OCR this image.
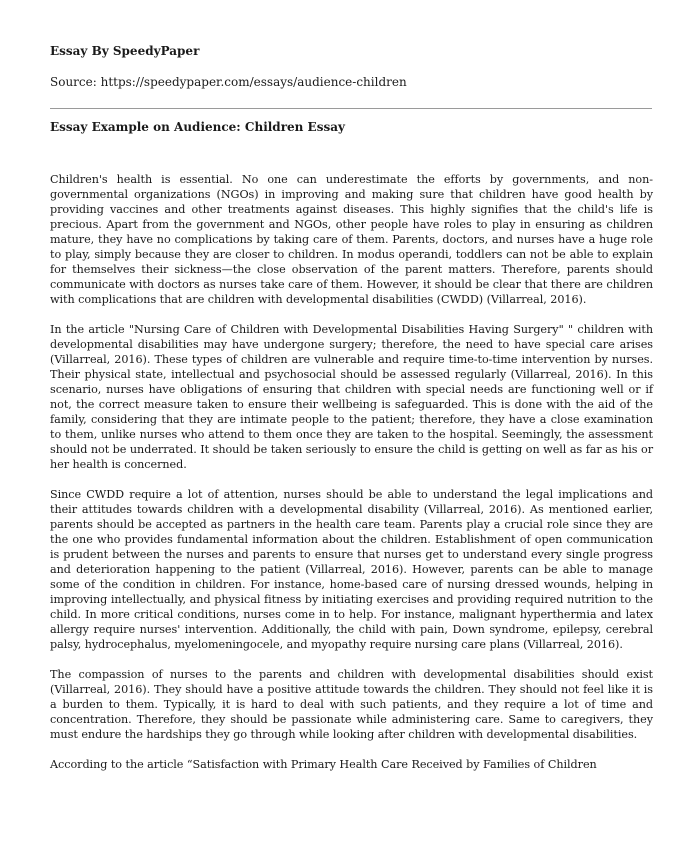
Essay By SpeedyPaper

Source: https://speedypaper.com/essays/audience-children

Essay Example on Audience: Children Essay

Children's health is essential. No one can underestimate the efforts by governments, and non-governmental organizations (NGOs) in improving and making sure that children have good health by providing vaccines and other treatments against diseases. This highly signifies that the child's life is precious. Apart from the government and NGOs, other people have roles to play in ensuring as children mature, they have no complications by taking care of them. Parents, doctors, and nurses have a huge role to play, simply because they are closer to children. In modus operandi, toddlers can not be able to explain for themselves their sickness—the close observation of the parent matters. Therefore, parents should communicate with doctors as nurses take care of them. However, it should be clear that there are children with complications that are children with developmental disabilities (CWDD) (Villarreal, 2016).

In the article "Nursing Care of Children with Developmental Disabilities Having Surgery" " children with developmental disabilities may have undergone surgery; therefore, the need to have special care arises (Villarreal, 2016). These types of children are vulnerable and require time-to-time intervention by nurses. Their physical state, intellectual and psychosocial should be assessed regularly (Villarreal, 2016). In this scenario, nurses have obligations of ensuring that children with special needs are functioning well or if not, the correct measure taken to ensure their wellbeing is safeguarded. This is done with the aid of the family, considering that they are intimate people to the patient; therefore, they have a close examination to them, unlike nurses who attend to them once they are taken to the hospital. Seemingly, the assessment should not be underrated. It should be taken seriously to ensure the child is getting on well as far as his or her health is concerned.

Since CWDD require a lot of attention, nurses should be able to understand the legal implications and their attitudes towards children with a developmental disability (Villarreal, 2016). As mentioned earlier, parents should be accepted as partners in the health care team. Parents play a crucial role since they are the one who provides fundamental information about the children. Establishment of open communication is prudent between the nurses and parents to ensure that nurses get to understand every single progress and deterioration happening to the patient (Villarreal, 2016). However, parents can be able to manage some of the condition in children. For instance, home-based care of nursing dressed wounds, helping in improving intellectually, and physical fitness by initiating exercises and providing required nutrition to the child. In more critical conditions, nurses come in to help. For instance, malignant hyperthermia and latex allergy require nurses' intervention. Additionally, the child with pain, Down syndrome, epilepsy, cerebral palsy, hydrocephalus, myelomeningocele, and myopathy require nursing care plans (Villarreal, 2016).

The compassion of nurses to the parents and children with developmental disabilities should exist (Villarreal, 2016). They should have a positive attitude towards the children. They should not feel like it is a burden to them. Typically, it is hard to deal with such patients, and they require a lot of time and concentration. Therefore, they should be passionate while administering care. Same to caregivers, they must endure the hardships they go through while looking after children with developmental disabilities.

According to the article “Satisfaction with Primary Health Care Received by Families of Children
